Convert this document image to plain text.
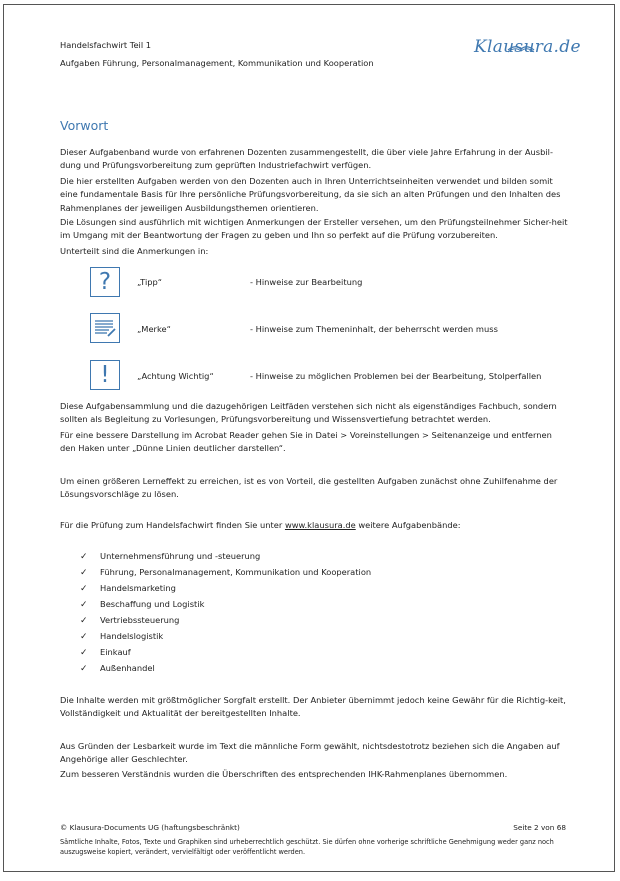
Handelsfachwirt Teil 1
Aufgaben Führung, Personalmanagement, Kommunikation und Kooperation
Klausura.de
Vorwort

Dieser Aufgabenband wurde von erfahrenen Dozenten zusammengestellt, die über viele Jahre Erfahrung in der Ausbil-dung und Prüfungsvorbereitung zum geprüften Industriefachwirt verfügen.

Die hier erstellten Aufgaben werden von den Dozenten auch in Ihren Unterrichtseinheiten verwendet und bilden somit eine fundamentale Basis für Ihre persönliche Prüfungsvorbereitung, da sie sich an alten Prüfungen und den Inhalten des Rahmenplanes der jeweiligen Ausbildungsthemen orientieren.

Die Lösungen sind ausführlich mit wichtigen Anmerkungen der Ersteller versehen, um den Prüfungsteilnehmer Sicher-heit im Umgang mit der Beantwortung der Fragen zu geben und Ihn so perfekt auf die Prüfung vorzubereiten.

Unterteilt sind die Anmerkungen in:

?	„Tipp“	- Hinweise zur Bearbeitung
„Merke“	- Hinweise zum Themeninhalt, der beherrscht werden muss
!	„Achtung Wichtig“	- Hinweise zu möglichen Problemen bei der Bearbeitung, Stolperfallen

Diese Aufgabensammlung und die dazugehörigen Leitfäden verstehen sich nicht als eigenständiges Fachbuch, sondern sollten als Begleitung zu Vorlesungen, Prüfungsvorbereitung und Wissensvertiefung betrachtet werden.

Für eine bessere Darstellung im Acrobat Reader gehen Sie in Datei > Voreinstellungen > Seitenanzeige und entfernen den Haken unter „Dünne Linien deutlicher darstellen“.

Um einen größeren Lerneffekt zu erreichen, ist es von Vorteil, die gestellten Aufgaben zunächst ohne Zuhilfenahme der Lösungsvorschläge zu lösen.

Für die Prüfung zum Handelsfachwirt finden Sie unter www.klausura.de weitere Aufgabenbände:

✓ Unternehmensführung und -steuerung
✓ Führung, Personalmanagement, Kommunikation und Kooperation
✓ Handelsmarketing
✓ Beschaffung und Logistik
✓ Vertriebssteuerung
✓ Handelslogistik
✓ Einkauf
✓ Außenhandel

Die Inhalte werden mit größtmöglicher Sorgfalt erstellt. Der Anbieter übernimmt jedoch keine Gewähr für die Richtig-keit, Vollständigkeit und Aktualität der bereitgestellten Inhalte.

Aus Gründen der Lesbarkeit wurde im Text die männliche Form gewählt, nichtsdestotrotz beziehen sich die Angaben auf Angehörige aller Geschlechter.

Zum besseren Verständnis wurden die Überschriften des entsprechenden IHK-Rahmenplanes übernommen.

© Klausura-Documents UG (haftungsbeschränkt)	Seite 2 von 68
Sämtliche Inhalte, Fotos, Texte und Graphiken sind urheberrechtlich geschützt. Sie dürfen ohne vorherige schriftliche Genehmigung weder ganz noch auszugsweise kopiert, verändert, vervielfältigt oder veröffentlicht werden.
